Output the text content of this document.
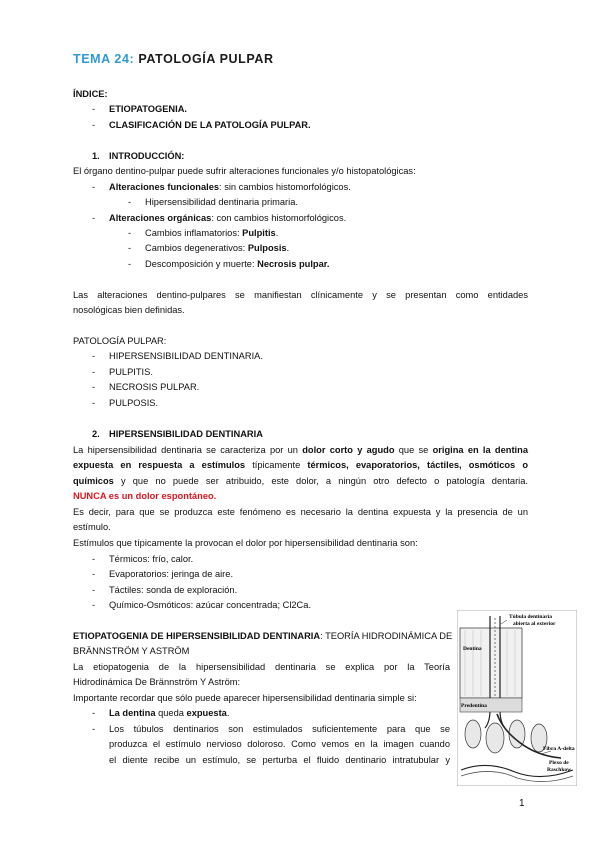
TEMA 24: PATOLOGÍA PULPAR
ÍNDICE:
- ETIOPATOGENIA.
- CLASIFICACIÓN DE LA PATOLOGÍA PULPAR.
1. INTRODUCCIÓN:
El órgano dentino-pulpar puede sufrir alteraciones funcionales y/o histopatológicas:
- Alteraciones funcionales: sin cambios histomorfológicos.
- Hipersensibilidad dentinaria primaria.
- Alteraciones orgánicas: con cambios histomorfológicos.
- Cambios inflamatorios: Pulpitis.
- Cambios degenerativos: Pulposis.
- Descomposición y muerte: Necrosis pulpar.
Las alteraciones dentino-pulpares se manifiestan clínicamente y se presentan como entidades
nosológicas bien definidas.
PATOLOGÍA PULPAR:
- HIPERSENSIBILIDAD DENTINARIA.
- PULPITIS.
- NECROSIS PULPAR.
- PULPOSIS.
2. HIPERSENSIBILIDAD DENTINARIA
La hipersensibilidad dentinaria se caracteriza por un dolor corto y agudo que se origina en la dentina
expuesta en respuesta a estímulos típicamente térmicos, evaporatorios, táctiles, osmóticos o
químicos y que no puede ser atribuido, este dolor, a ningún otro defecto o patología dentaria.
NUNCA es un dolor espontáneo.
Es decir, para que se produzca este fenómeno es necesario la dentina expuesta y la presencia de un
estímulo.
Estímulos que típicamente la provocan el dolor por hipersensibilidad dentinaria son:
- Térmicos: frío, calor.
- Evaporatorios: jeringa de aire.
- Táctiles: sonda de exploración.
- Químico-Osmóticos: azúcar concentrada; Cl2Ca.
ETIOPATOGENIA DE HIPERSENSIBILIDAD DENTINARIA: TEORÍA HIDRODINÁMICA DE
BRÄNNSTRÖM Y ASTRÖM
La etiopatogenia de la hipersensibilidad dentinaria se explica por la Teoría
Hidrodinámica De Brännström Y Aström:
Importante recordar que sólo puede aparecer hipersensibilidad dentinaria simple si:
- La dentina queda expuesta.
- Los túbulos dentinarios son estimulados suficientemente para que se
produzca el estímulo nervioso doloroso. Como vemos en la imagen cuando
el diente recibe un estímulo, se perturba el fluido dentinario intratubular y
Túbula dentinaria
abierta al exterior
Dentina
Predentina
Fibra A-delta
Plexo de
Raschkow
1
